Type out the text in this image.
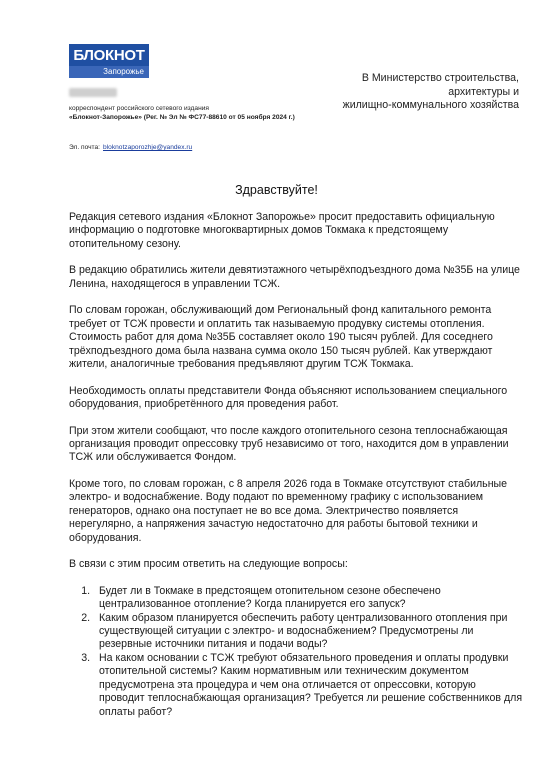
БЛОКНОТ
Запорожье
В Министерство строительства,
архитектуры и
жилищно-коммунального хозяйства
корреспондент российского сетевого издания
«Блокнот-Запорожье» (Рег. № Эл № ФС77-88610 от 05 ноября 2024 г.)
Эл. почта: bloknotzaporozhje@yandex.ru
Здравствуйте!

Редакция сетевого издания «Блокнот Запорожье» просит предоставить официальную информацию о подготовке многоквартирных домов Токмака к предстоящему отопительному сезону.

В редакцию обратились жители девятиэтажного четырёхподъездного дома №35Б на улице Ленина, находящегося в управлении ТСЖ.

По словам горожан, обслуживающий дом Региональный фонд капитального ремонта требует от ТСЖ провести и оплатить так называемую продувку системы отопления. Стоимость работ для дома №35Б составляет около 190 тысяч рублей. Для соседнего трёхподъездного дома была названа сумма около 150 тысяч рублей. Как утверждают жители, аналогичные требования предъявляют другим ТСЖ Токмака.

Необходимость оплаты представители Фонда объясняют использованием специального оборудования, приобретённого для проведения работ.

При этом жители сообщают, что после каждого отопительного сезона теплоснабжающая организация проводит опрессовку труб независимо от того, находится дом в управлении ТСЖ или обслуживается Фондом.

Кроме того, по словам горожан, с 8 апреля 2026 года в Токмаке отсутствуют стабильные электро- и водоснабжение. Воду подают по временному графику с использованием генераторов, однако она поступает не во все дома. Электричество появляется нерегулярно, а напряжения зачастую недостаточно для работы бытовой техники и оборудования.

В связи с этим просим ответить на следующие вопросы:

1. Будет ли в Токмаке в предстоящем отопительном сезоне обеспечено централизованное отопление? Когда планируется его запуск?
2. Каким образом планируется обеспечить работу централизованного отопления при существующей ситуации с электро- и водоснабжением? Предусмотрены ли резервные источники питания и подачи воды?
3. На каком основании с ТСЖ требуют обязательного проведения и оплаты продувки отопительной системы? Каким нормативным или техническим документом предусмотрена эта процедура и чем она отличается от опрессовки, которую проводит теплоснабжающая организация? Требуется ли решение собственников для оплаты работ?
